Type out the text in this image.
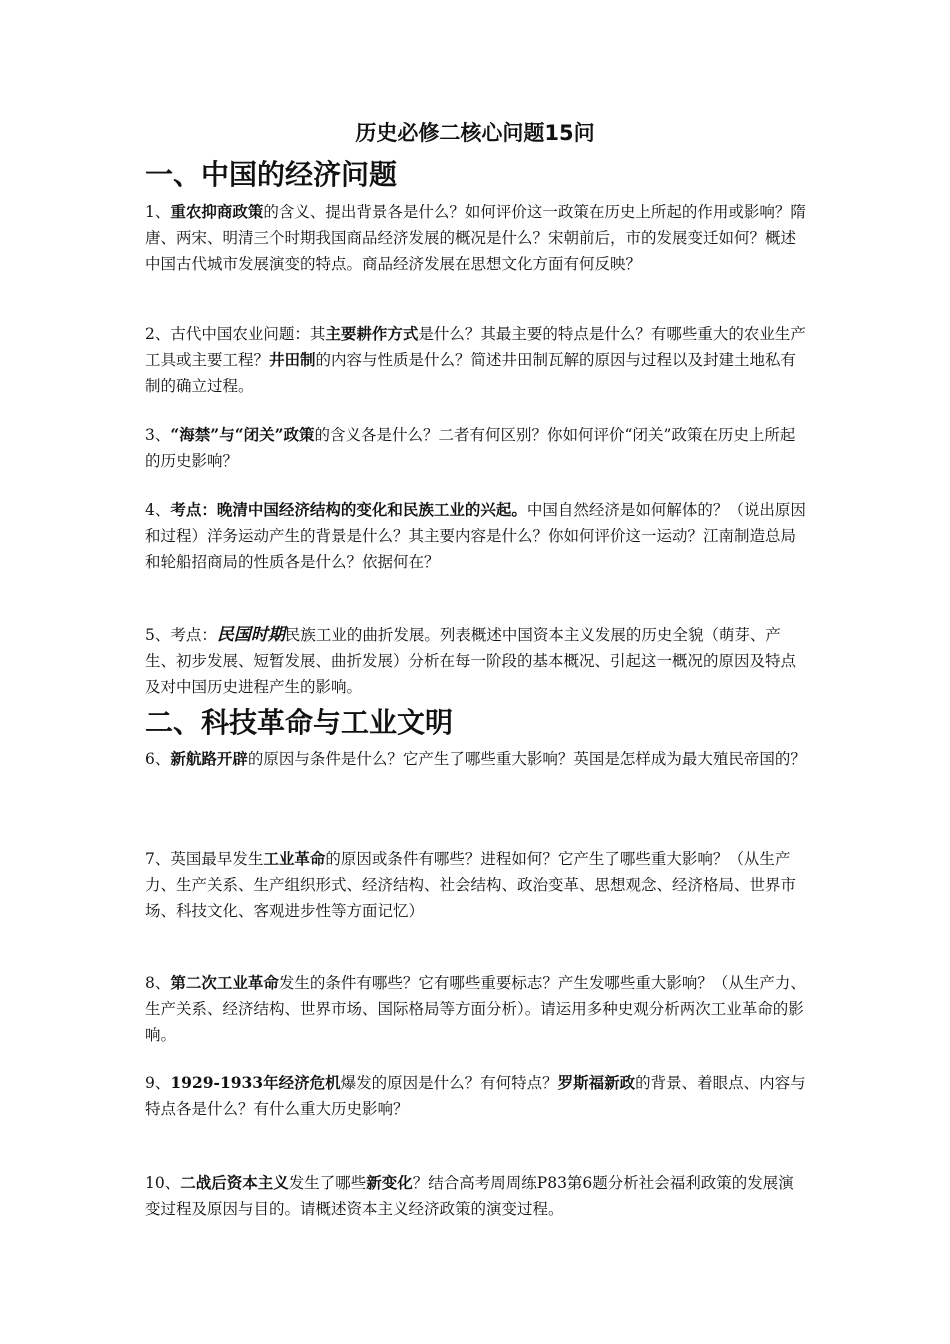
历史必修二核心问题15问
一、中国的经济问题
1、重农抑商政策的含义、提出背景各是什么？如何评价这一政策在历史上所起的作用或影响？隋唐、两宋、明清三个时期我国商品经济发展的概况是什么？宋朝前后，市的发展变迁如何？概述中国古代城市发展演变的特点。商品经济发展在思想文化方面有何反映？
2、古代中国农业问题：其主要耕作方式是什么？其最主要的特点是什么？有哪些重大的农业生产工具或主要工程？井田制的内容与性质是什么？简述井田制瓦解的原因与过程以及封建土地私有制的确立过程。
3、“海禁”与“闭关”政策的含义各是什么？二者有何区别？你如何评价“闭关”政策在历史上所起的历史影响？
4、考点：晚清中国经济结构的变化和民族工业的兴起。中国自然经济是如何解体的？（说出原因和过程）洋务运动产生的背景是什么？其主要内容是什么？你如何评价这一运动？江南制造总局和轮船招商局的性质各是什么？依据何在？
5、考点：民国时期民族工业的曲折发展。列表概述中国资本主义发展的历史全貌（萌芽、产生、初步发展、短暂发展、曲折发展）分析在每一阶段的基本概况、引起这一概况的原因及特点及对中国历史进程产生的影响。
二、科技革命与工业文明
6、新航路开辟的原因与条件是什么？它产生了哪些重大影响？英国是怎样成为最大殖民帝国的？
7、英国最早发生工业革命的原因或条件有哪些？进程如何？它产生了哪些重大影响？（从生产力、生产关系、生产组织形式、经济结构、社会结构、政治变革、思想观念、经济格局、世界市场、科技文化、客观进步性等方面记忆）
8、第二次工业革命发生的条件有哪些？它有哪些重要标志？产生发哪些重大影响？（从生产力、生产关系、经济结构、世界市场、国际格局等方面分析）。请运用多种史观分析两次工业革命的影响。
9、1929-1933年经济危机爆发的原因是什么？有何特点？罗斯福新政的背景、着眼点、内容与特点各是什么？有什么重大历史影响？
10、二战后资本主义发生了哪些新变化？结合高考周周练P83第6题分析社会福利政策的发展演变过程及原因与目的。请概述资本主义经济政策的演变过程。
